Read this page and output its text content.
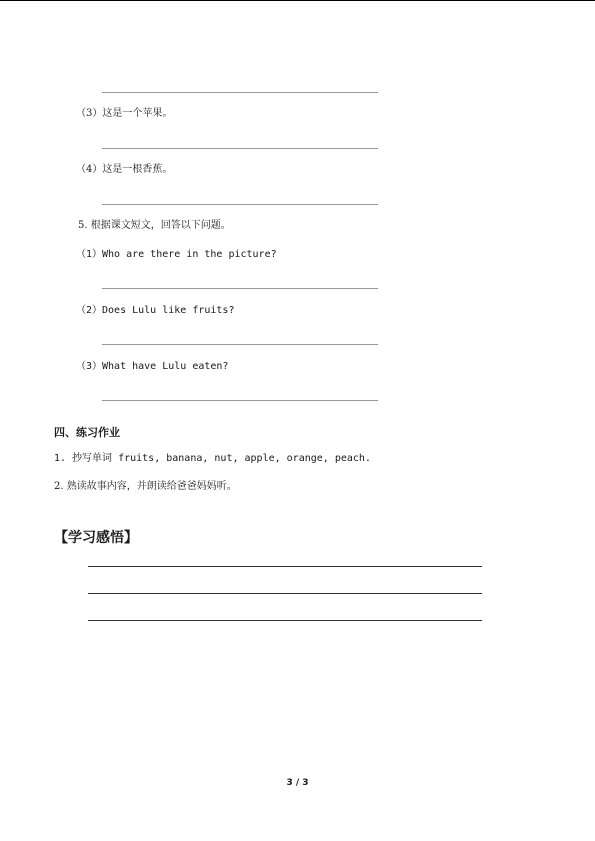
（3）这是一个苹果。
（4）这是一根香蕉。
5. 根据课文短文，回答以下问题。
（1）Who are there in the picture?
（2）Does Lulu like fruits?
（3）What have Lulu eaten?
四、练习作业
1. 抄写单词 fruits, banana, nut, apple, orange, peach.
2. 熟读故事内容，并朗读给爸爸妈妈听。
【学习感悟】
3 / 3
